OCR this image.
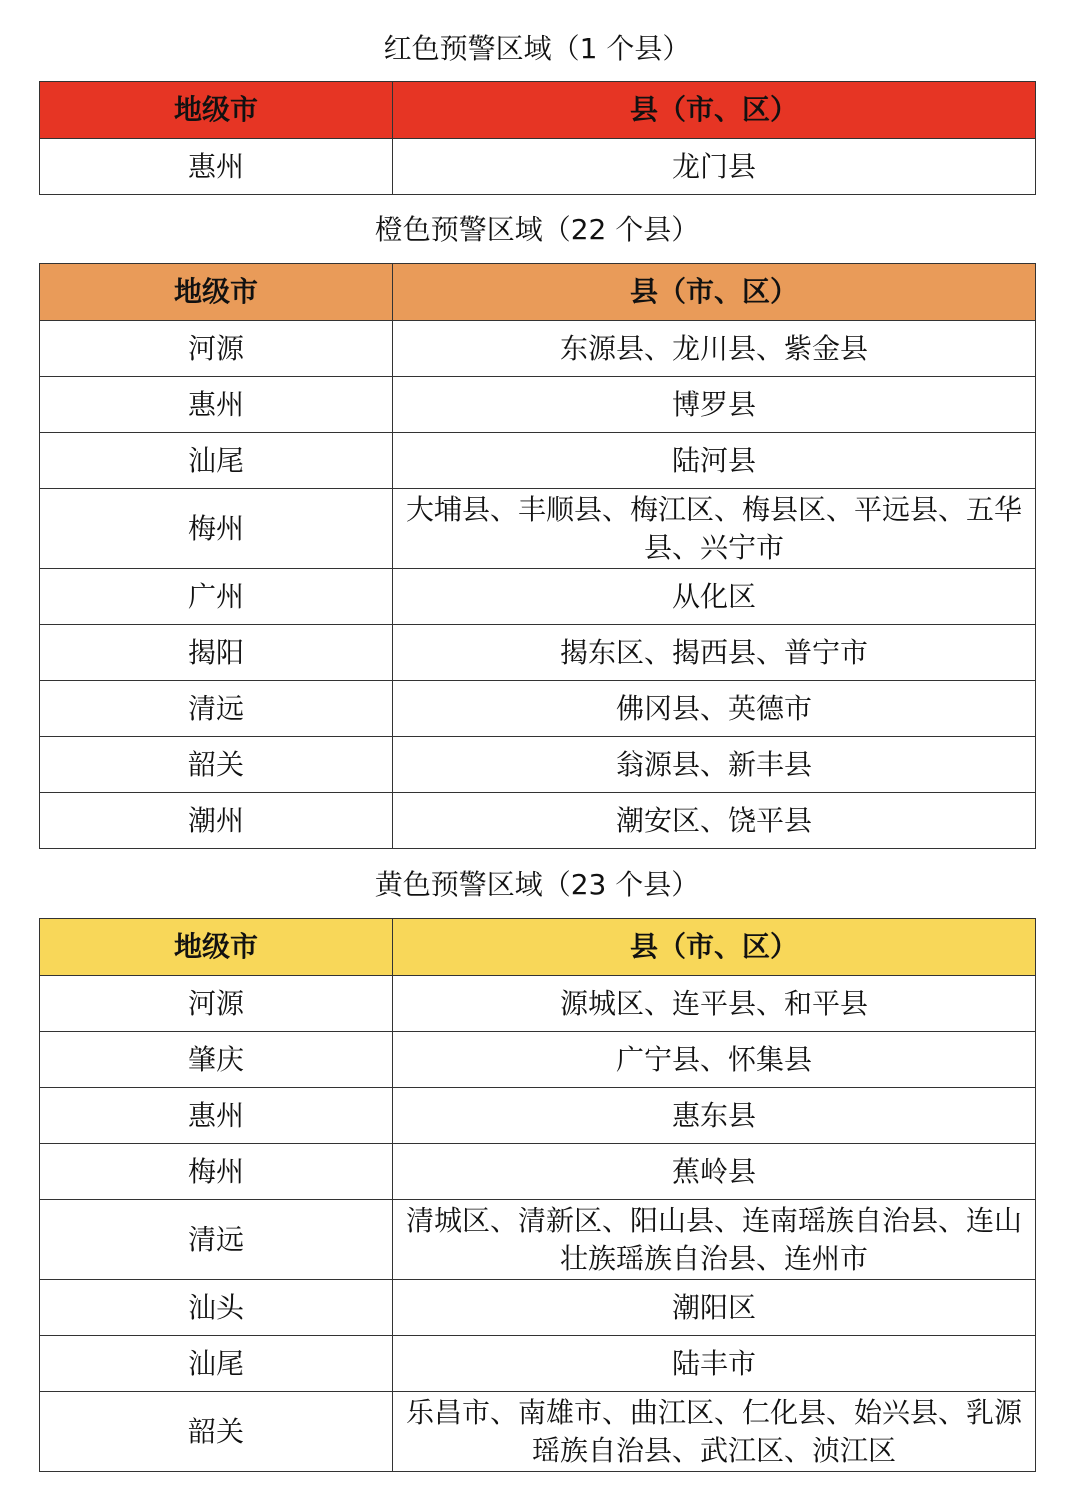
红色预警区域（1 个县）
地级市	县（市、区）
惠州	龙门县
橙色预警区域（22 个县）
地级市	县（市、区）
河源	东源县、龙川县、紫金县
惠州	博罗县
汕尾	陆河县
梅州	大埔县、丰顺县、梅江区、梅县区、平远县、五华县、兴宁市
广州	从化区
揭阳	揭东区、揭西县、普宁市
清远	佛冈县、英德市
韶关	翁源县、新丰县
潮州	潮安区、饶平县
黄色预警区域（23 个县）
地级市	县（市、区）
河源	源城区、连平县、和平县
肇庆	广宁县、怀集县
惠州	惠东县
梅州	蕉岭县
清远	清城区、清新区、阳山县、连南瑶族自治县、连山壮族瑶族自治县、连州市
汕头	潮阳区
汕尾	陆丰市
韶关	乐昌市、南雄市、曲江区、仁化县、始兴县、乳源瑶族自治县、武江区、浈江区
